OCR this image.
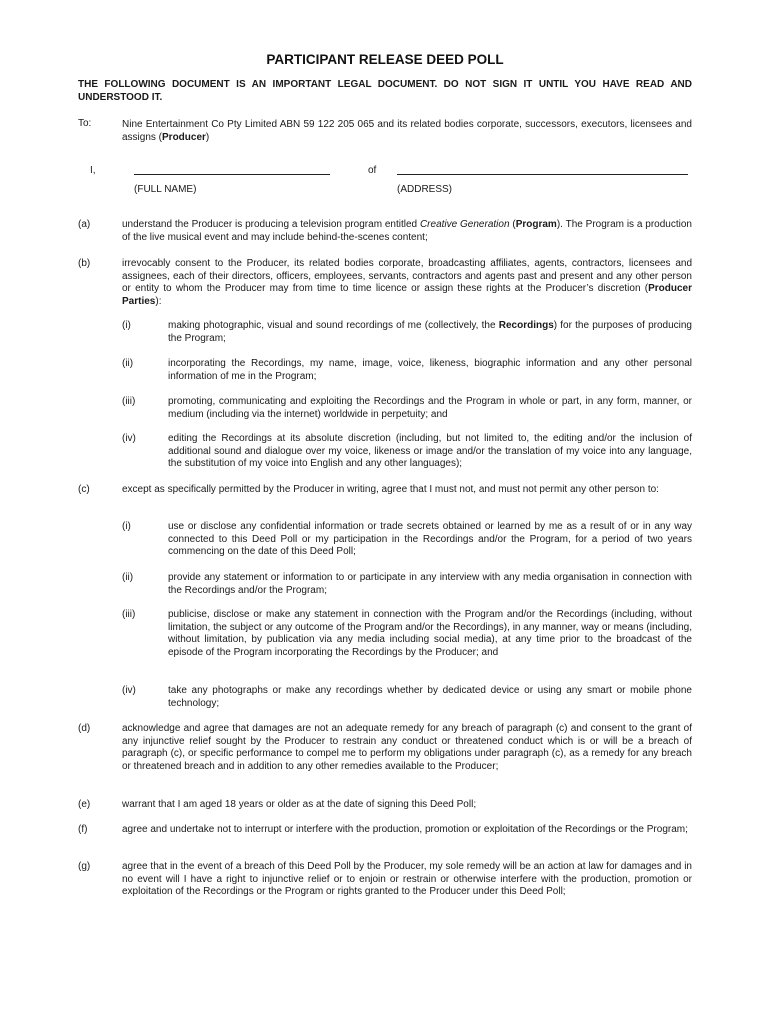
PARTICIPANT RELEASE DEED POLL
THE FOLLOWING DOCUMENT IS AN IMPORTANT LEGAL DOCUMENT. DO NOT SIGN IT UNTIL YOU HAVE READ AND UNDERSTOOD IT.
To:	Nine Entertainment Co Pty Limited ABN 59 122 205 065 and its related bodies corporate, successors, executors, licensees and assigns (Producer)
I,	of
(FULL NAME)	(ADDRESS)
(a)	understand the Producer is producing a television program entitled Creative Generation (Program). The Program is a production of the live musical event and may include behind-the-scenes content;
(b)	irrevocably consent to the Producer, its related bodies corporate, broadcasting affiliates, agents, contractors, licensees and assignees, each of their directors, officers, employees, servants, contractors and agents past and present and any other person or entity to whom the Producer may from time to time licence or assign these rights at the Producer’s discretion (Producer Parties):
(i)	making photographic, visual and sound recordings of me (collectively, the Recordings) for the purposes of producing the Program;
(ii)	incorporating the Recordings, my name, image, voice, likeness, biographic information and any other personal information of me in the Program;
(iii)	promoting, communicating and exploiting the Recordings and the Program in whole or part, in any form, manner, or medium (including via the internet) worldwide in perpetuity; and
(iv)	editing the Recordings at its absolute discretion (including, but not limited to, the editing and/or the inclusion of additional sound and dialogue over my voice, likeness or image and/or the translation of my voice into any language, the substitution of my voice into English and any other languages);
(c)	except as specifically permitted by the Producer in writing, agree that I must not, and must not permit any other person to:
(i)	use or disclose any confidential information or trade secrets obtained or learned by me as a result of or in any way connected to this Deed Poll or my participation in the Recordings and/or the Program, for a period of two years commencing on the date of this Deed Poll;
(ii)	provide any statement or information to or participate in any interview with any media organisation in connection with the Recordings and/or the Program;
(iii)	publicise, disclose or make any statement in connection with the Program and/or the Recordings (including, without limitation, the subject or any outcome of the Program and/or the Recordings), in any manner, way or means (including, without limitation, by publication via any media including social media), at any time prior to the broadcast of the episode of the Program incorporating the Recordings by the Producer; and
(iv)	take any photographs or make any recordings whether by dedicated device or using any smart or mobile phone technology;
(d)	acknowledge and agree that damages are not an adequate remedy for any breach of paragraph (c) and consent to the grant of any injunctive relief sought by the Producer to restrain any conduct or threatened conduct which is or will be a breach of paragraph (c), or specific performance to compel me to perform my obligations under paragraph (c), as a remedy for any breach or threatened breach and in addition to any other remedies available to the Producer;
(e)	warrant that I am aged 18 years or older as at the date of signing this Deed Poll;
(f)	agree and undertake not to interrupt or interfere with the production, promotion or exploitation of the Recordings or the Program;
(g)	agree that in the event of a breach of this Deed Poll by the Producer, my sole remedy will be an action at law for damages and in no event will I have a right to injunctive relief or to enjoin or restrain or otherwise interfere with the production, promotion or exploitation of the Recordings or the Program or rights granted to the Producer under this Deed Poll;
